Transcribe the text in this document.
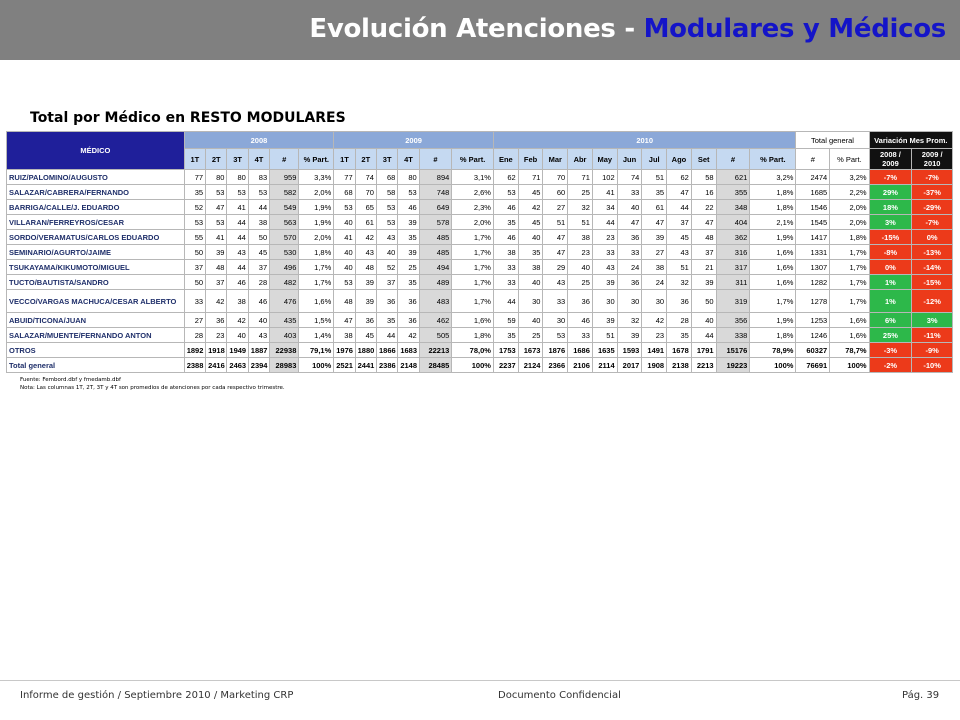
Evolución Atenciones - Modulares y Médicos
Total por Médico en RESTO MODULARES
MÉDICO	2008						2009						2010											Total general		Variación Mes Prom.	
	1T	2T	3T	4T	#	% Part.	1T	2T	3T	4T	#	% Part.	Ene	Feb	Mar	Abr	May	Jun	Jul	Ago	Set	#	% Part.	#	% Part.	2008 / 2009	2009 / 2010
RUIZ/PALOMINO/AUGUSTO	77	80	80	83	959	3,3%	77	74	68	80	894	3,1%	62	71	70	71	102	74	51	62	58	621	3,2%	2474	3,2%	-7%	-7%
SALAZAR/CABRERA/FERNANDO	35	53	53	53	582	2,0%	68	70	58	53	748	2,6%	53	45	60	25	41	33	35	47	16	355	1,8%	1685	2,2%	29%	-37%
BARRIGA/CALLE/J. EDUARDO	52	47	41	44	549	1,9%	53	65	53	46	649	2,3%	46	42	27	32	34	40	61	44	22	348	1,8%	1546	2,0%	18%	-29%
VILLARAN/FERREYROS/CESAR	53	53	44	38	563	1,9%	40	61	53	39	578	2,0%	35	45	51	51	44	47	47	37	47	404	2,1%	1545	2,0%	3%	-7%
SORDO/VERAMATUS/CARLOS EDUARDO	55	41	44	50	570	2,0%	41	42	43	35	485	1,7%	46	40	47	38	23	36	39	45	48	362	1,9%	1417	1,8%	-15%	0%
SEMINARIO/AGURTO/JAIME	50	39	43	45	530	1,8%	40	43	40	39	485	1,7%	38	35	47	23	33	33	27	43	37	316	1,6%	1331	1,7%	-8%	-13%
TSUKAYAMA/KIKUMOTO/MIGUEL	37	48	44	37	496	1,7%	40	48	52	25	494	1,7%	33	38	29	40	43	24	38	51	21	317	1,6%	1307	1,7%	0%	-14%
TUCTO/BAUTISTA/SANDRO	50	37	46	28	482	1,7%	53	39	37	35	489	1,7%	33	40	43	25	39	36	24	32	39	311	1,6%	1282	1,7%	1%	-15%
VECCO/VARGAS MACHUCA/CESAR ALBERTO	33	42	38	46	476	1,6%	48	39	36	36	483	1,7%	44	30	33	36	30	30	30	36	50	319	1,7%	1278	1,7%	1%	-12%
ABUID/TICONA/JUAN	27	36	42	40	435	1,5%	47	36	35	36	462	1,6%	59	40	30	46	39	32	42	28	40	356	1,9%	1253	1,6%	6%	3%
SALAZAR/MUENTE/FERNANDO ANTON	28	23	40	43	403	1,4%	38	45	44	42	505	1,8%	35	25	53	33	51	39	23	35	44	338	1,8%	1246	1,6%	25%	-11%
OTROS	1892	1918	1949	1887	22938	79,1%	1976	1880	1866	1683	22213	78,0%	1753	1673	1876	1686	1635	1593	1491	1678	1791	15176	78,9%	60327	78,7%	-3%	-9%
Total general	2388	2416	2463	2394	28983	100%	2521	2441	2386	2148	28485	100%	2237	2124	2366	2106	2114	2017	1908	2138	2213	19223	100%	76691	100%	-2%	-10%
Fuente: Fembord.dbf y fmedamb.dbf
Nota: Las columnas 1T, 2T, 3T y 4T son promedios de atenciones por cada respectivo trimestre.
Informe de gestión / Septiembre 2010 / Marketing CRP	Documento Confidencial	Pág. 39
